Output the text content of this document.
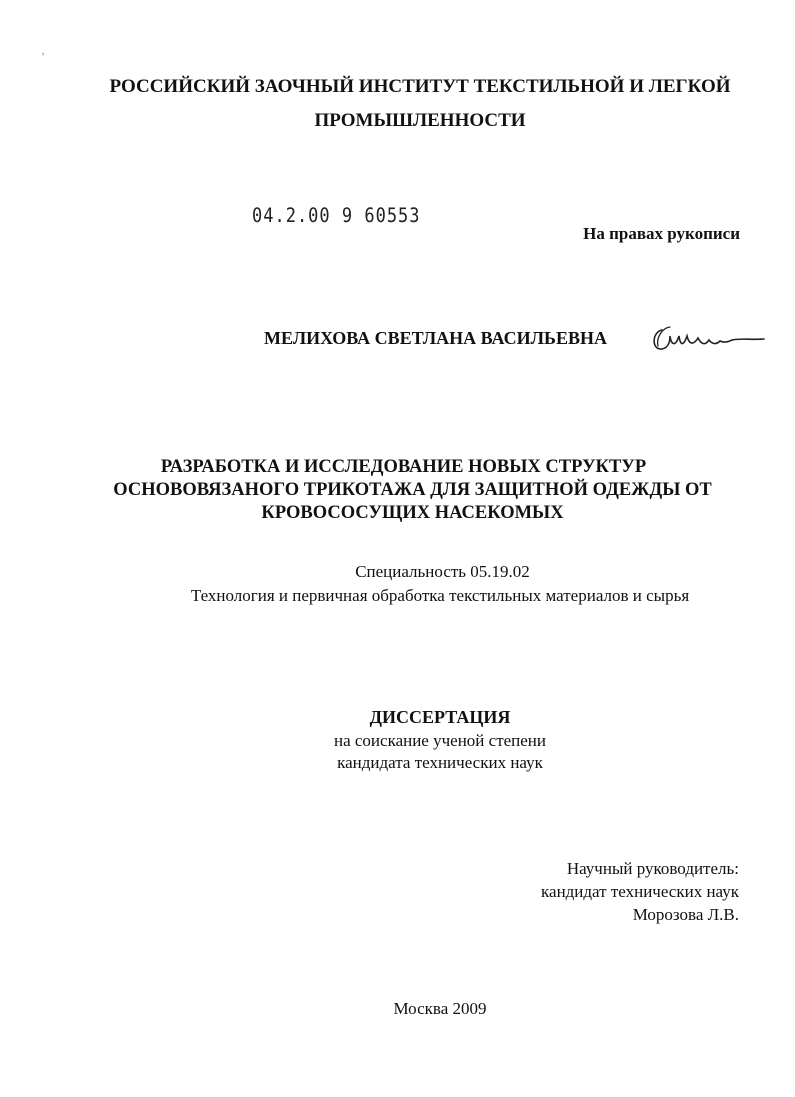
,
РОССИЙСКИЙ ЗАОЧНЫЙ ИНСТИТУТ ТЕКСТИЛЬНОЙ И ЛЕГКОЙ
ПРОМЫШЛЕННОСТИ
04.2.00 9 60553
На правах рукописи
МЕЛИХОВА СВЕТЛАНА ВАСИЛЬЕВНА
РАЗРАБОТКА И ИССЛЕДОВАНИЕ НОВЫХ СТРУКТУР
ОСНОВОВЯЗАНОГО ТРИКОТАЖА ДЛЯ ЗАЩИТНОЙ ОДЕЖДЫ ОТ
КРОВОСОСУЩИХ НАСЕКОМЫХ
Специальность 05.19.02
Технология и первичная обработка текстильных материалов и сырья
ДИССЕРТАЦИЯ
на соискание ученой степени
кандидата технических наук
Научный руководитель:
кандидат технических наук
Морозова Л.В.
Москва 2009
